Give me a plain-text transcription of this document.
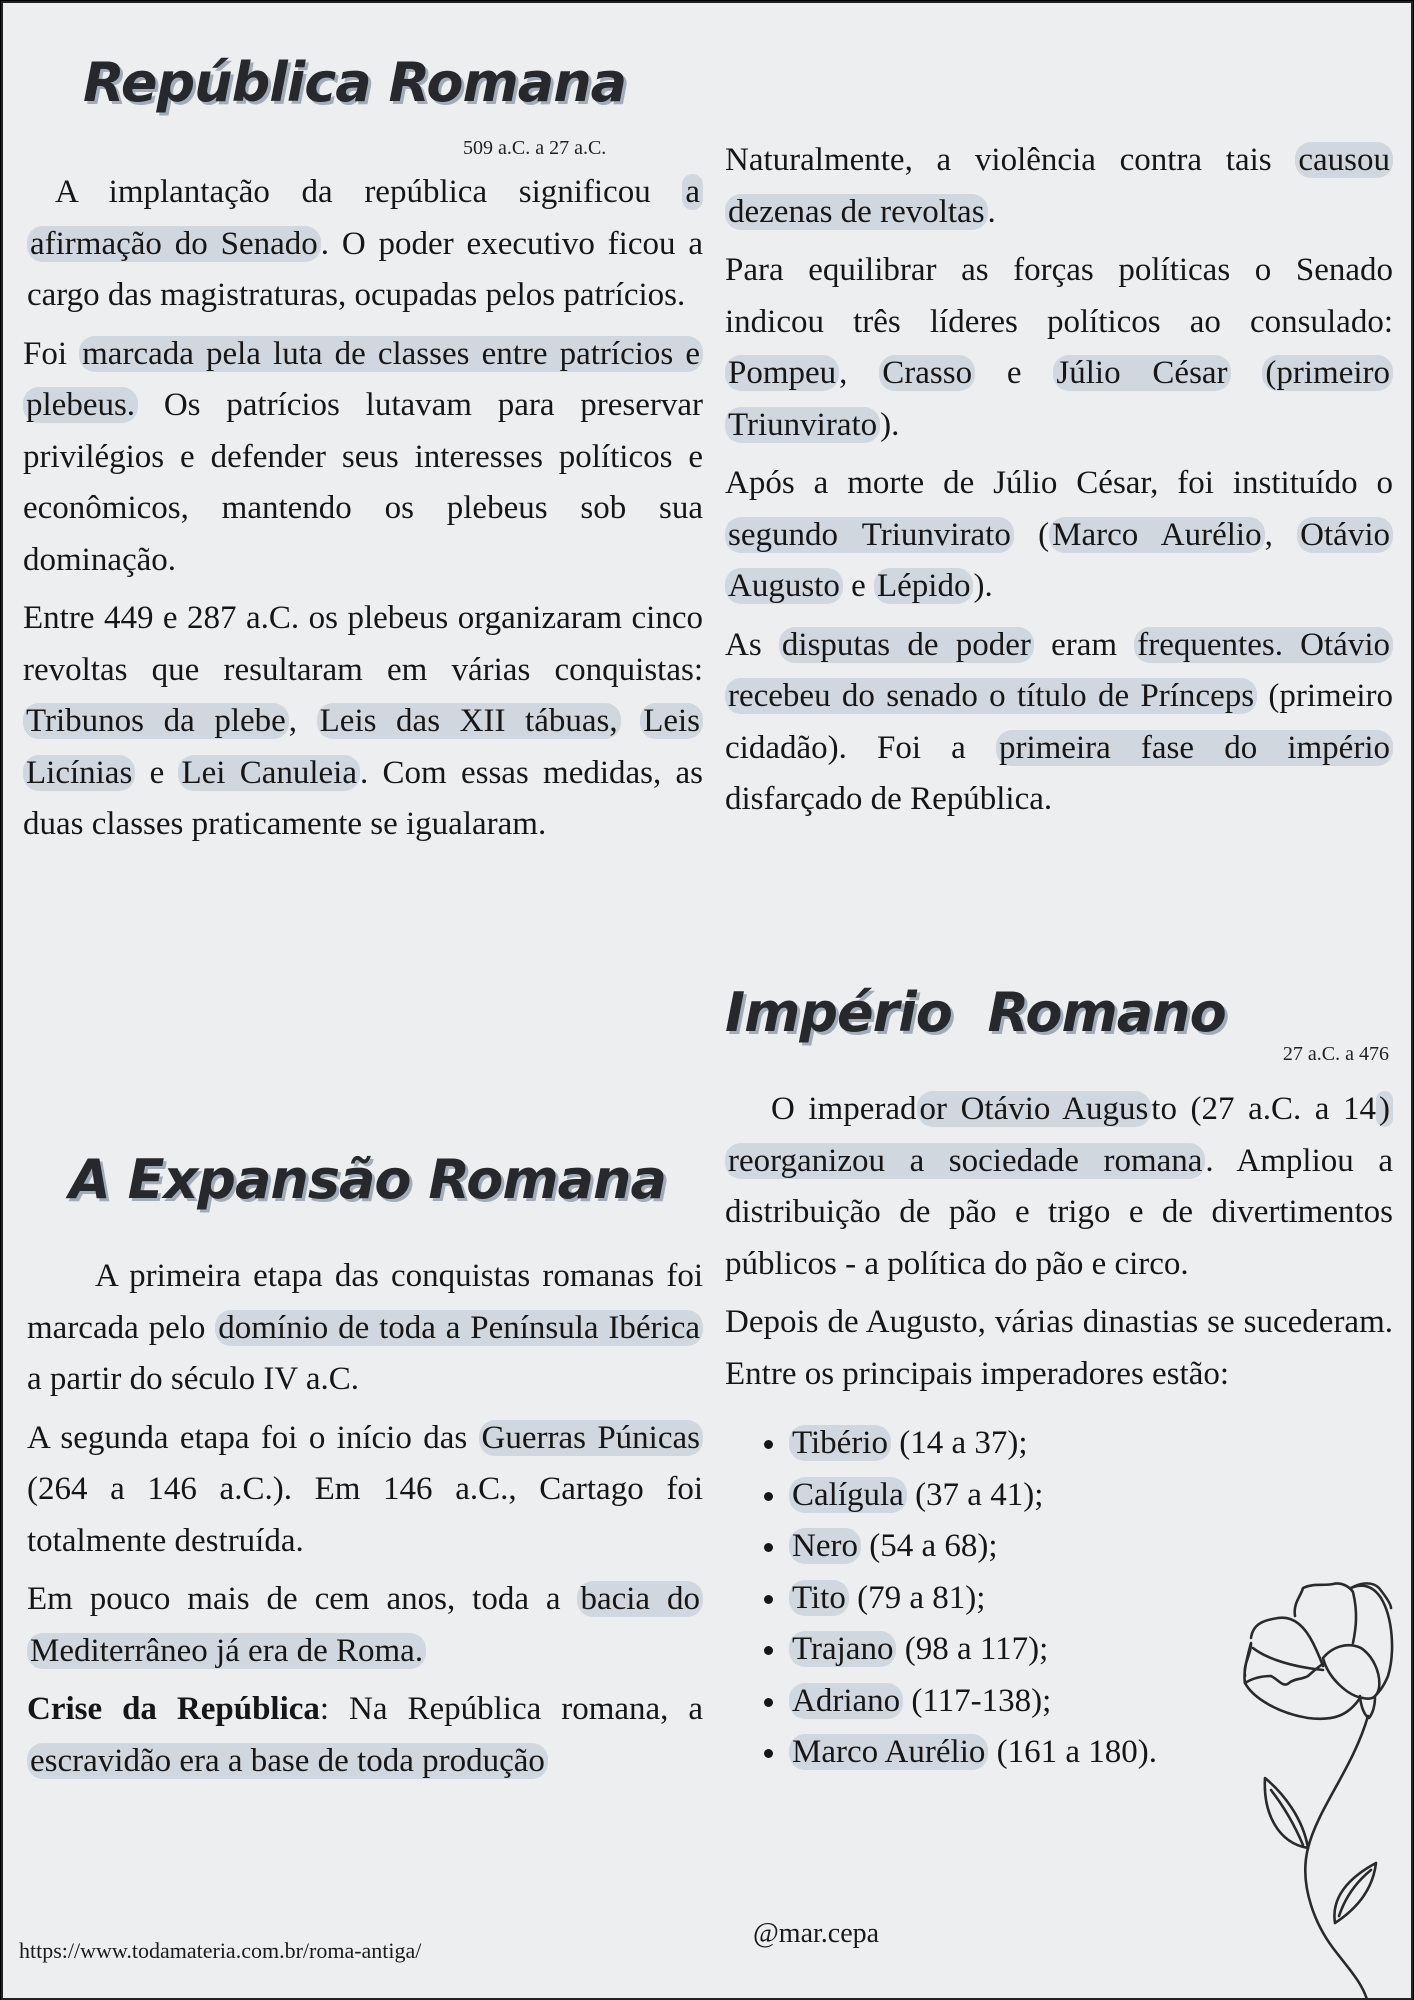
República Romana
509 a.C. a 27 a.C.

A implantação da república significou a afirmação do Senado. O poder executivo ficou a cargo das magistraturas, ocupadas pelos patrícios.

Foi marcada pela luta de classes entre patrícios e plebeus. Os patrícios lutavam para preservar privilégios e defender seus interesses políticos e econômicos, mantendo os plebeus sob sua dominação.

Entre 449 e 287 a.C. os plebeus organizaram cinco revoltas que resultaram em várias conquistas: Tribunos da plebe, Leis das XII tábuas, Leis Licínias e Lei Canuleia. Com essas medidas, as duas classes praticamente se igualaram.

A Expansão Romana

A primeira etapa das conquistas romanas foi marcada pelo domínio de toda a Península Ibérica a partir do século IV a.C.

A segunda etapa foi o início das Guerras Púnicas (264 a 146 a.C.). Em 146 a.C., Cartago foi totalmente destruída.

Em pouco mais de cem anos, toda a bacia do Mediterrâneo já era de Roma.

Crise da República: Na República romana, a escravidão era a base de toda produção

Naturalmente, a violência contra tais causou dezenas de revoltas.

Para equilibrar as forças políticas o Senado indicou três líderes políticos ao consulado: Pompeu, Crasso e Júlio César (primeiro Triunvirato).

Após a morte de Júlio César, foi instituído o segundo Triunvirato (Marco Aurélio, Otávio Augusto e Lépido).

As disputas de poder eram frequentes. Otávio recebeu do senado o título de Prínceps (primeiro cidadão). Foi a primeira fase do império disfarçado de República.

Império  Romano
27 a.C. a 476

O imperador Otávio Augusto (27 a.C. a 14) reorganizou a sociedade romana. Ampliou a distribuição de pão e trigo e de divertimentos públicos - a política do pão e circo.

Depois de Augusto, várias dinastias se sucederam. Entre os principais imperadores estão:

• Tibério (14 a 37);
• Calígula (37 a 41);
• Nero (54 a 68);
• Tito (79 a 81);
• Trajano (98 a 117);
• Adriano (117-138);
• Marco Aurélio (161 a 180).
https://www.todamateria.com.br/roma-antiga/
@mar.cepa
